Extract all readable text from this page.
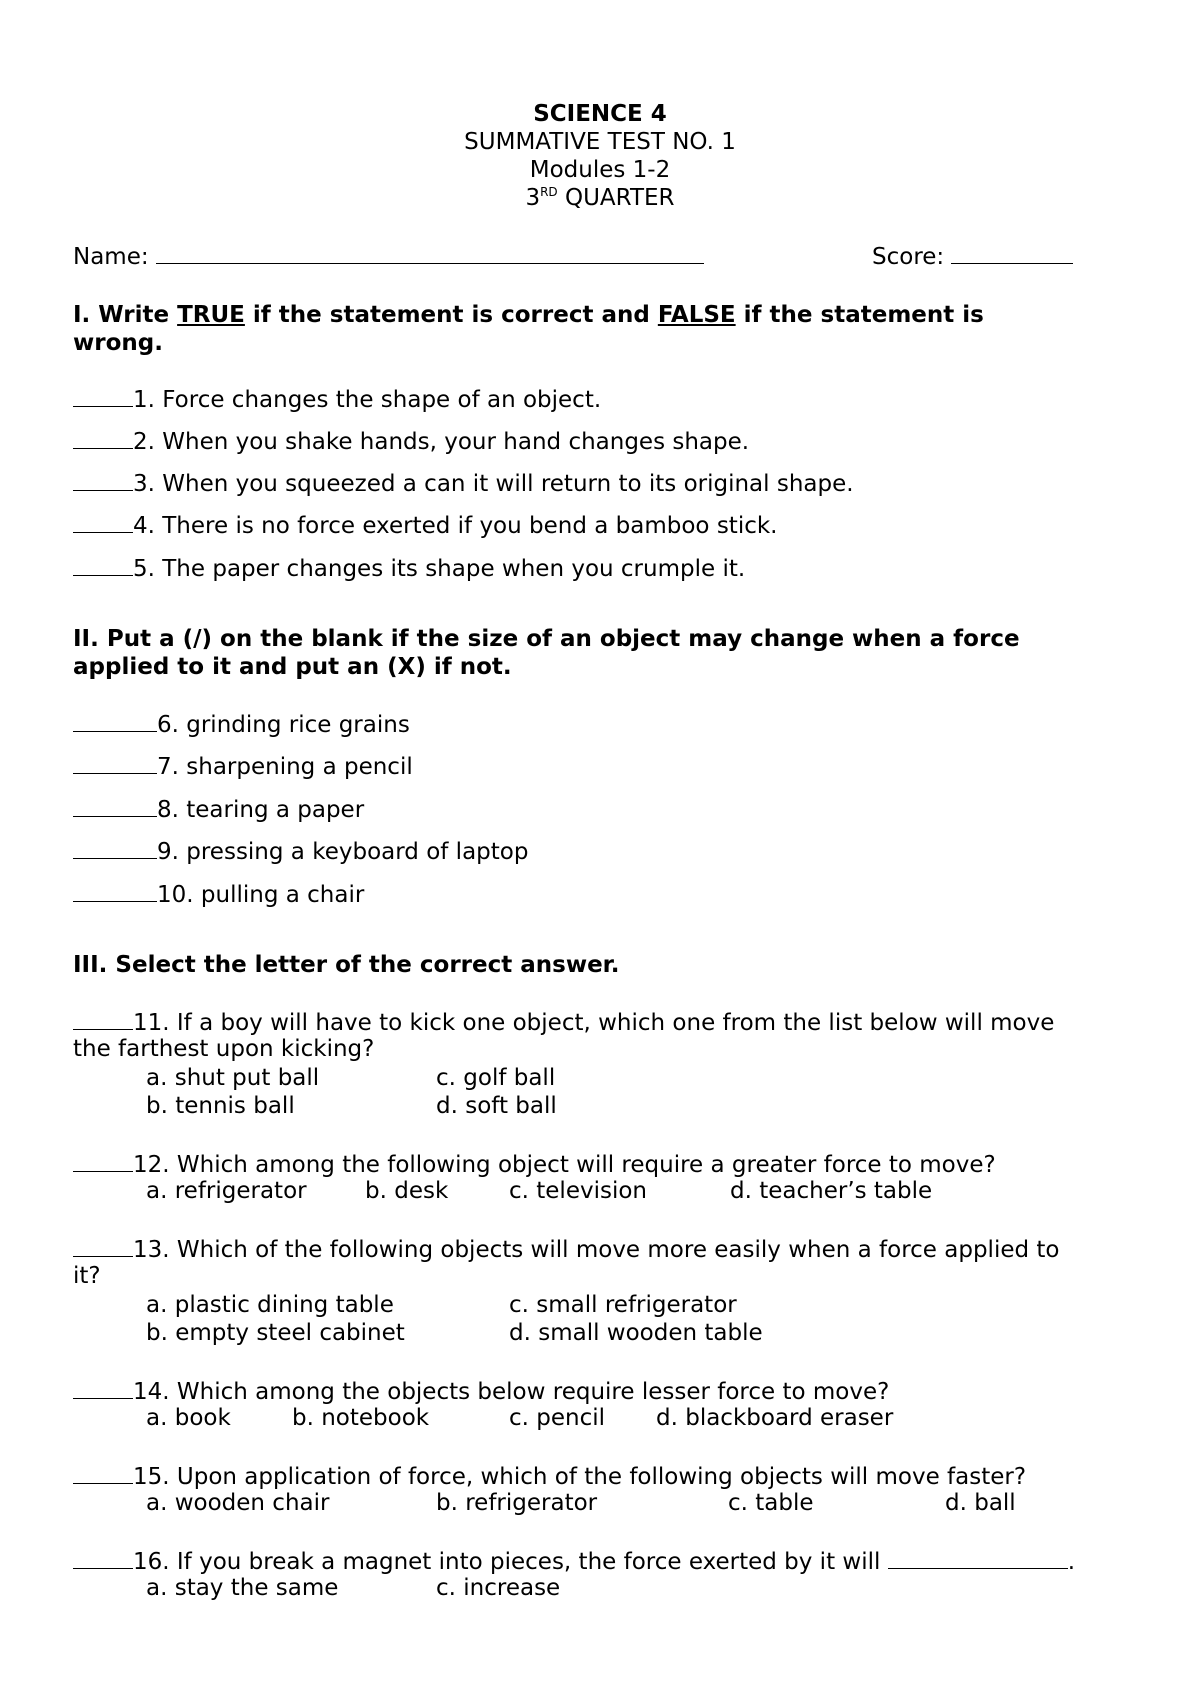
SCIENCE 4
SUMMATIVE TEST NO. 1
Modules 1-2
3RD QUARTER
Name:	Score:
I. Write TRUE if the statement is correct and FALSE if the statement is
wrong.
1. Force changes the shape of an object.
2. When you shake hands, your hand changes shape.
3. When you squeezed a can it will return to its original shape.
4. There is no force exerted if you bend a bamboo stick.
5. The paper changes its shape when you crumple it.
II. Put a (/) on the blank if the size of an object may change when a force
applied to it and put an (X) if not.
6. grinding rice grains
7. sharpening a pencil
8. tearing a paper
9. pressing a keyboard of laptop
10. pulling a chair
III. Select the letter of the correct answer.
11. If a boy will have to kick one object, which one from the list below will move
the farthest upon kicking?
a. shut put ball	c. golf ball
b. tennis ball	d. soft ball
12. Which among the following object will require a greater force to move?
a. refrigerator	b. desk	c. television	d. teacher’s table
13. Which of the following objects will move more easily when a force applied to
it?
a. plastic dining table	c. small refrigerator
b. empty steel cabinet	d. small wooden table
14. Which among the objects below require lesser force to move?
a. book	b. notebook	c. pencil d. blackboard eraser
15. Upon application of force, which of the following objects will move faster?
a. wooden chair	b. refrigerator	c. table	d. ball
16. If you break a magnet into pieces, the force exerted by it will	.
a. stay the same	c. increase
